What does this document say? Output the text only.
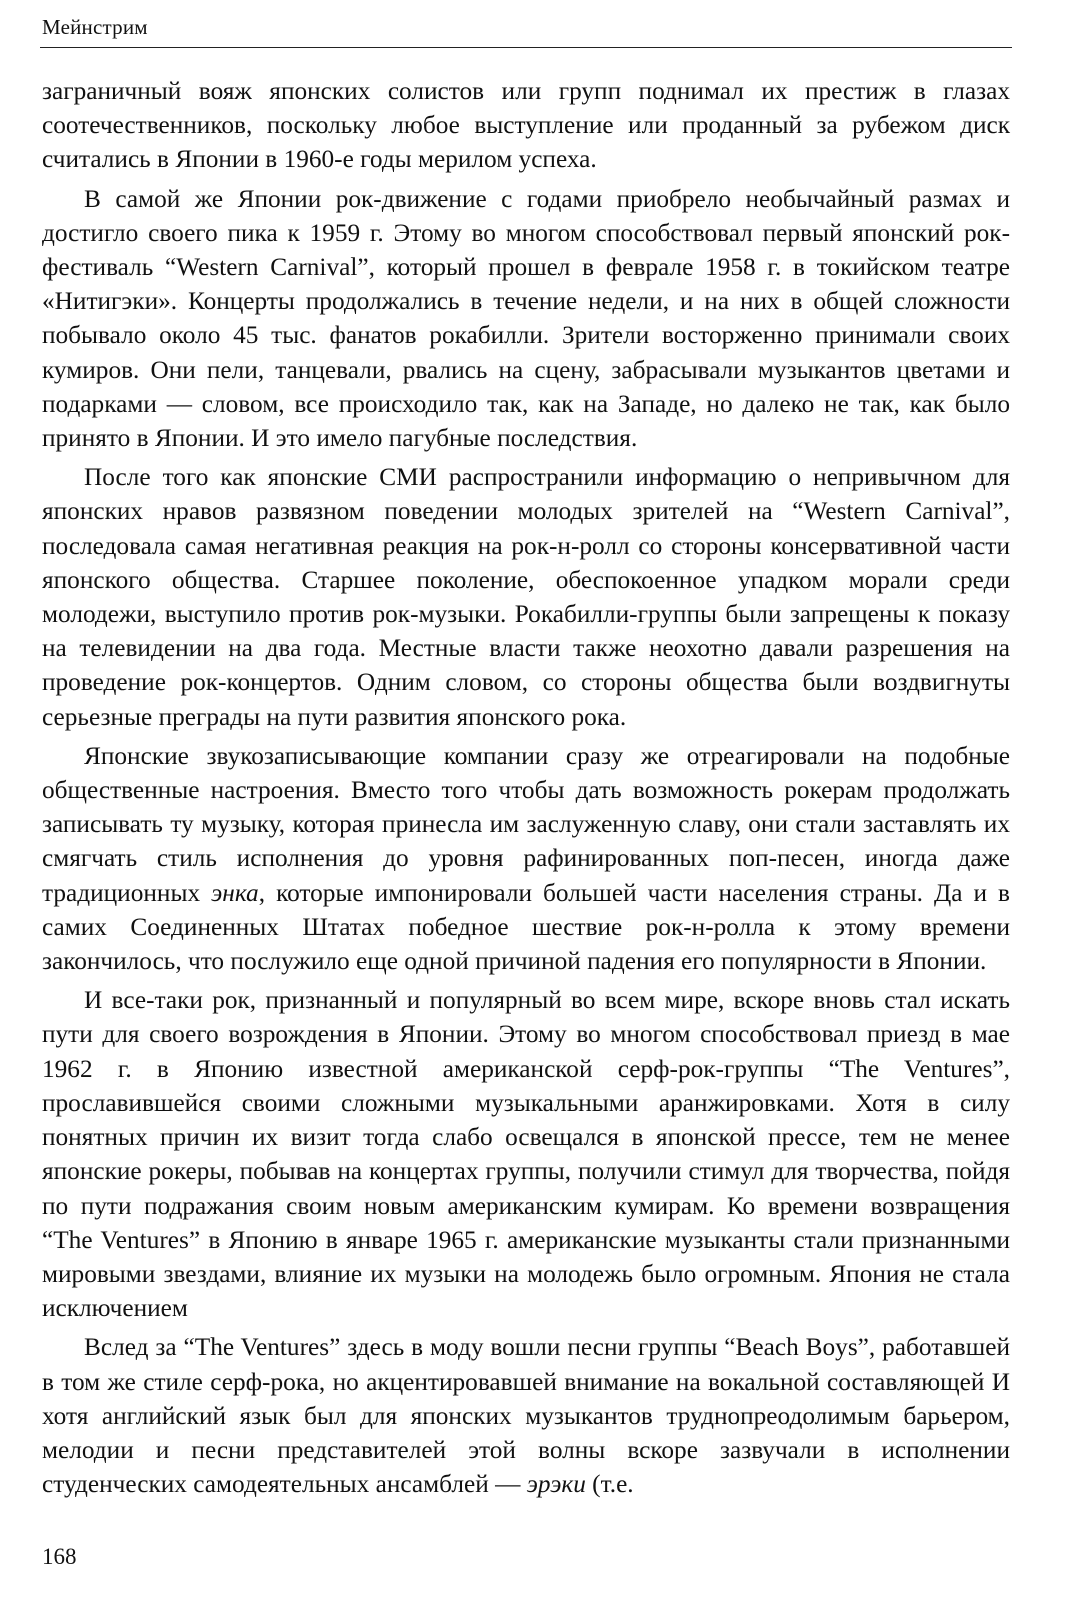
Мейнстрим

заграничный вояж японских солистов или групп поднимал их престиж в глазах соотечественников, поскольку любое выступление или проданный за рубежом диск считались в Японии в 1960-е годы мерилом успеха.

В самой же Японии рок-движение с годами приобрело необычайный размах и достигло своего пика к 1959 г. Этому во многом способствовал первый японский рок-фестиваль “Western Carnival”, который прошел в феврале 1958 г. в токийском театре «Нитигэки». Концерты продолжались в течение недели, и на них в общей сложности побывало около 45 тыс. фанатов рокабилли. Зрители восторженно принимали своих кумиров. Они пели, танцевали, рвались на сцену, забрасывали музыкантов цветами и подарками — словом, все происходило так, как на Западе, но далеко не так, как было принято в Японии. И это имело пагубные последствия.

После того как японские СМИ распространили информацию о непривычном для японских нравов развязном поведении молодых зрителей на “Western Carnival”, последовала самая негативная реакция на рок-н-ролл со стороны консервативной части японского общества. Старшее поколение, обеспокоенное упадком морали среди молодежи, выступило против рок-музыки. Рокабилли-группы были запрещены к показу на телевидении на два года. Местные власти также неохотно давали разрешения на проведение рок-концертов. Одним словом, со стороны общества были воздвигнуты серьезные преграды на пути развития японского рока.

Японские звукозаписывающие компании сразу же отреагировали на подобные общественные настроения. Вместо того чтобы дать возможность рокерам продолжать записывать ту музыку, которая принесла им заслуженную славу, они стали заставлять их смягчать стиль исполнения до уровня рафинированных поп-песен, иногда даже традиционных энка, которые импонировали большей части населения страны. Да и в самих Соединенных Штатах победное шествие рок-н-ролла к этому времени закончилось, что послужило еще одной причиной падения его популярности в Японии.

И все-таки рок, признанный и популярный во всем мире, вскоре вновь стал искать пути для своего возрождения в Японии. Этому во многом способствовал приезд в мае 1962 г. в Японию известной американской серф-рок-группы “The Ventures”, прославившейся своими сложными музыкальными аранжировками. Хотя в силу понятных причин их визит тогда слабо освещался в японской прессе, тем не менее японские рокеры, побывав на концертах группы, получили стимул для творчества, пойдя по пути подражания своим новым американским кумирам. Ко времени возвращения “The Ventures” в Японию в январе 1965 г. американские музыканты стали признанными мировыми звездами, влияние их музыки на молодежь было огромным. Япония не стала исключением

Вслед за “The Ventures” здесь в моду вошли песни группы “Beach Boys”, работавшей в том же стиле серф-рока, но акцентировавшей внимание на вокальной составляющей И хотя английский язык был для японских музыкантов труднопреодолимым барьером, мелодии и песни представителей этой волны вскоре зазвучали в исполнении студенческих самодеятельных ансамблей — эрэки (т.е.

168
